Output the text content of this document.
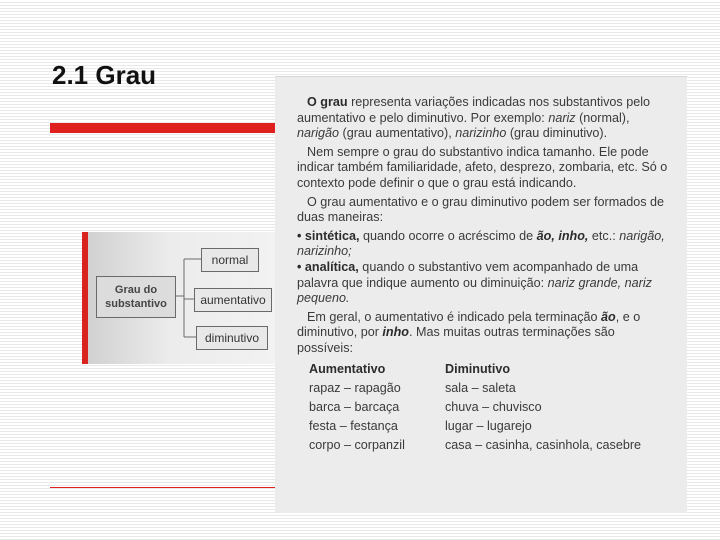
2.1 Grau
Grau do
substantivo
normal
aumentativo
diminutivo

O grau representa variações indicadas nos substantivos pelo aumentativo e pelo diminutivo. Por exemplo: nariz (normal), narigão (grau aumentativo), narizinho (grau diminutivo).

Nem sempre o grau do substantivo indica tamanho. Ele pode indicar também familiaridade, afeto, desprezo, zombaria, etc. Só o contexto pode definir o que o grau está indicando.

O grau aumentativo e o grau diminutivo podem ser formados de duas maneiras:

• sintética, quando ocorre o acréscimo de ão, inho, etc.: narigão, narizinho;
• analítica, quando o substantivo vem acompanhado de uma palavra que indique aumento ou diminuição: nariz grande, nariz pequeno.

Em geral, o aumentativo é indicado pela terminação ão, e o diminutivo, por inho. Mas muitas outras terminações são possíveis:

Aumentativo	Diminutivo
rapaz – rapagão	sala – saleta
barca – barcaça	chuva – chuvisco
festa – festança	lugar – lugarejo
corpo – corpanzil	casa – casinha, casinhola, casebre
